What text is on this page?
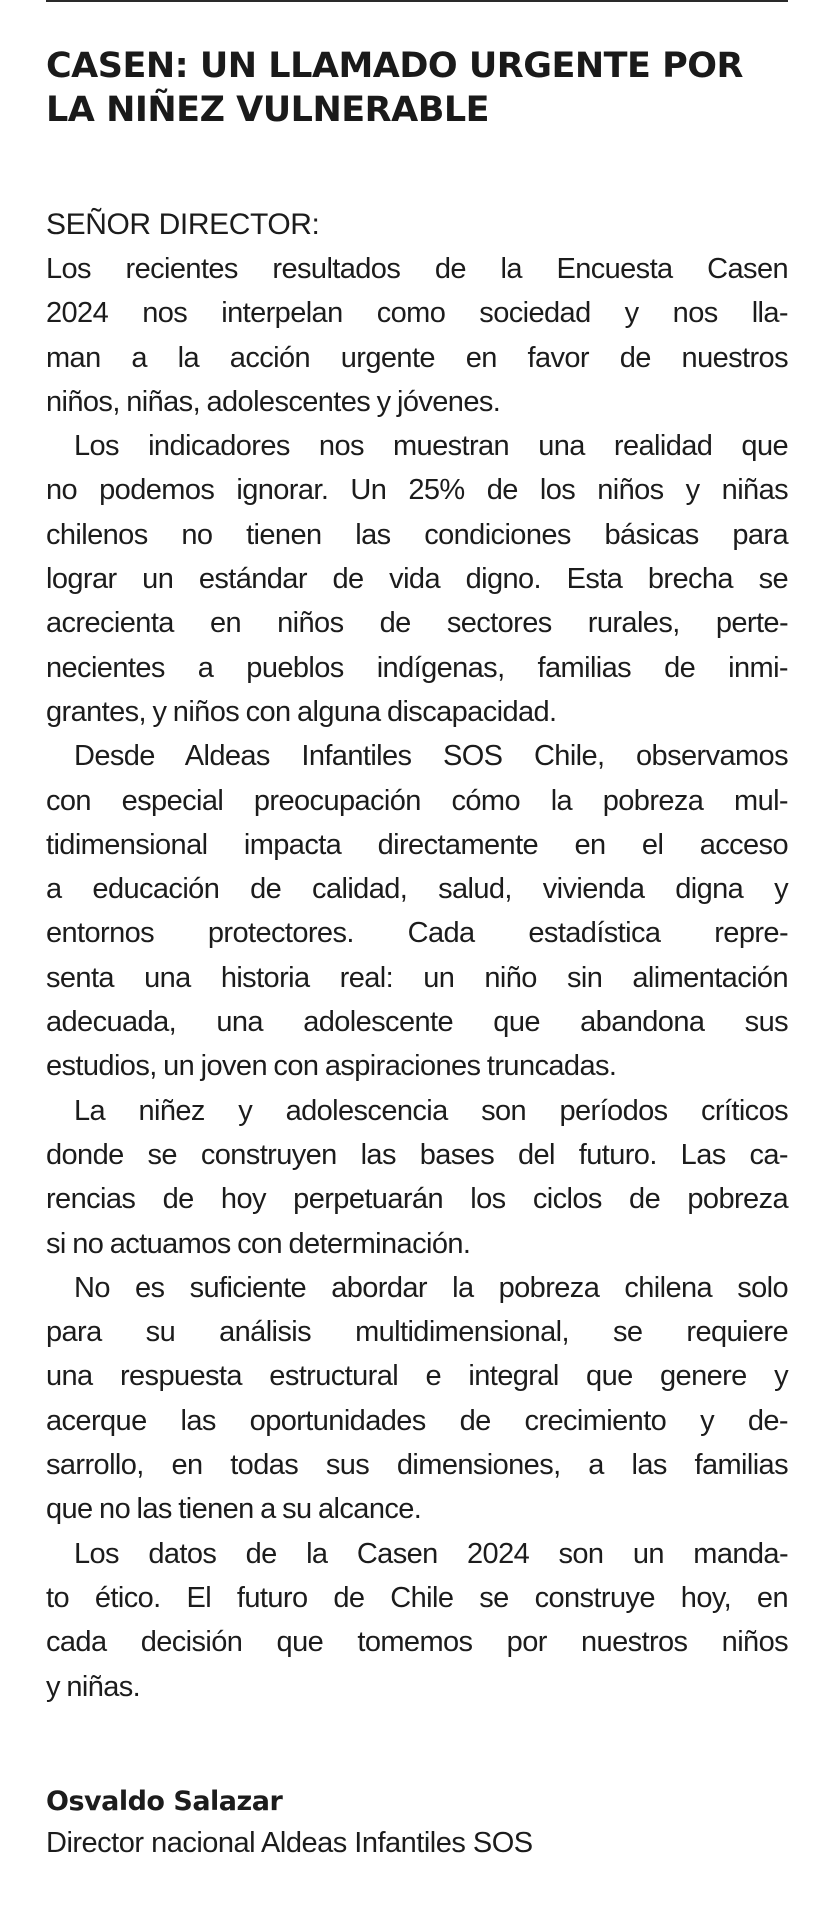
CASEN: UN LLAMADO URGENTE POR
LA NIÑEZ VULNERABLE

SEÑOR DIRECTOR:

Los recientes resultados de la Encuesta Casen
2024 nos interpelan como sociedad y nos lla-
man a la acción urgente en favor de nuestros
niños, niñas, adolescentes y jóvenes.

Los indicadores nos muestran una realidad que
no podemos ignorar. Un 25% de los niños y niñas
chilenos no tienen las condiciones básicas para
lograr un estándar de vida digno. Esta brecha se
acrecienta en niños de sectores rurales, perte-
necientes a pueblos indígenas, familias de inmi-
grantes, y niños con alguna discapacidad.

Desde Aldeas Infantiles SOS Chile, observamos
con especial preocupación cómo la pobreza mul-
tidimensional impacta directamente en el acceso
a educación de calidad, salud, vivienda digna y
entornos protectores. Cada estadística repre-
senta una historia real: un niño sin alimentación
adecuada, una adolescente que abandona sus
estudios, un joven con aspiraciones truncadas.

La niñez y adolescencia son períodos críticos
donde se construyen las bases del futuro. Las ca-
rencias de hoy perpetuarán los ciclos de pobreza
si no actuamos con determinación.

No es suficiente abordar la pobreza chilena solo
para su análisis multidimensional, se requiere
una respuesta estructural e integral que genere y
acerque las oportunidades de crecimiento y de-
sarrollo, en todas sus dimensiones, a las familias
que no las tienen a su alcance.

Los datos de la Casen 2024 son un manda-
to ético. El futuro de Chile se construye hoy, en
cada decisión que tomemos por nuestros niños
y niñas.

Osvaldo Salazar
Director nacional Aldeas Infantiles SOS
